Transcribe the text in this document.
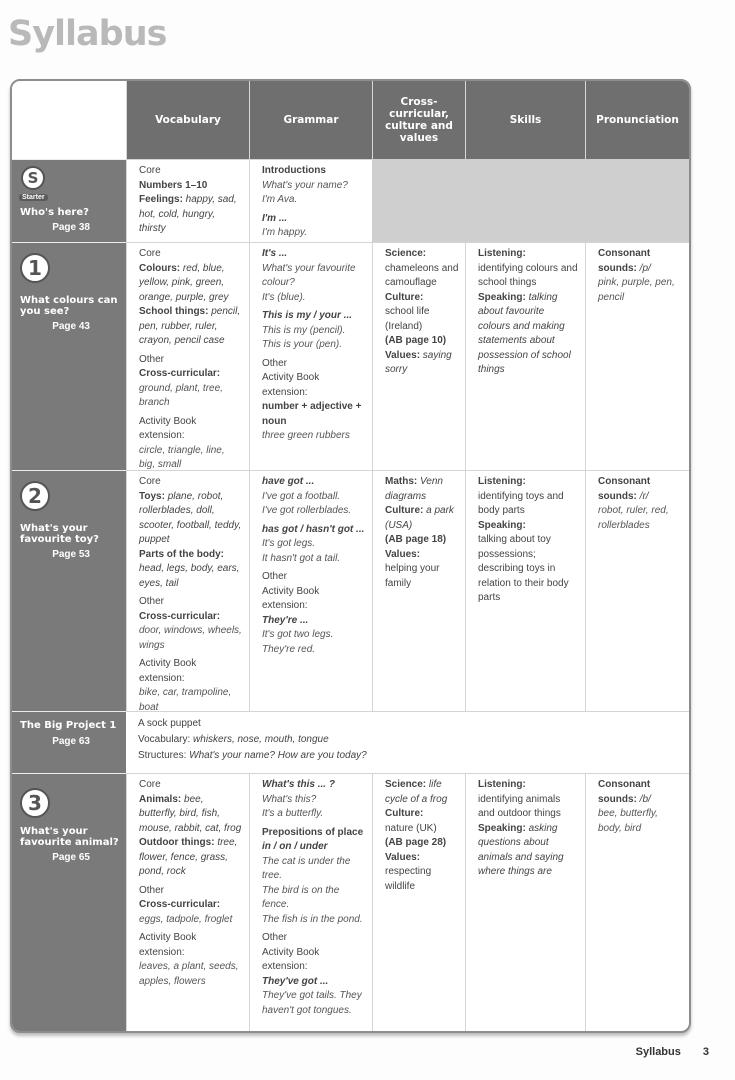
Syllabus
Vocabulary	Grammar
Cross-curricular, culture and values
Skills	Pronunciation
S
Starter
Who's here?
Page 38
Core
Numbers 1–10
Feelings: happy, sad, hot, cold, hungry, thirsty
Introductions
What's your name?
I'm Ava.
I'm ...
I'm happy.
1
What colours can you see?
Page 43
Core
Colours: red, blue, yellow, pink, green, orange, purple, grey
School things: pencil, pen, rubber, ruler, crayon, pencil case
Other
Cross-curricular:
ground, plant, tree, branch
Activity Book extension:
circle, triangle, line, big, small
It's ...
What's your favourite colour?
It's (blue).
This is my / your ...
This is my (pencil).
This is your (pen).
Other
Activity Book extension:
number + adjective + noun
three green rubbers
Science:
chameleons and camouflage
Culture:
school life (Ireland)
(AB page 10)
Values: saying sorry
Listening:
identifying colours and school things
Speaking: talking about favourite colours and making statements about possession of school things
Consonant sounds: /p/
pink, purple, pen, pencil
2
What's your favourite toy?
Page 53
Core
Toys: plane, robot, rollerblades, doll, scooter, football, teddy, puppet
Parts of the body: head, legs, body, ears, eyes, tail
Other
Cross-curricular:
door, windows, wheels, wings
Activity Book extension:
bike, car, trampoline, boat
have got ...
I've got a football.
I've got rollerblades.
has got / hasn't got ...
It's got legs.
It hasn't got a tail.
Other
Activity Book extension:
They're ...
It's got two legs.
They're red.
Maths: Venn diagrams
Culture: a park (USA)
(AB page 18)
Values:
helping your family
Listening:
identifying toys and body parts
Speaking:
talking about toy possessions; describing toys in relation to their body parts
Consonant sounds: /r/
robot, ruler, red, rollerblades
The Big Project 1
Page 63
A sock puppet
Vocabulary: whiskers, nose, mouth, tongue
Structures: What's your name? How are you today?
3
What's your favourite animal?
Page 65
Core
Animals: bee, butterfly, bird, fish, mouse, rabbit, cat, frog
Outdoor things: tree, flower, fence, grass, pond, rock
Other
Cross-curricular:
eggs, tadpole, froglet
Activity Book extension:
leaves, a plant, seeds, apples, flowers
What's this ... ?
What's this?
It's a butterfly.
Prepositions of place
in / on / under
The cat is under the tree.
The bird is on the fence.
The fish is in the pond.
Other
Activity Book extension:
They've got ...
They've got tails. They haven't got tongues.
Science: life cycle of a frog
Culture:
nature (UK)
(AB page 28)
Values:
respecting wildlife
Listening:
identifying animals and outdoor things
Speaking: asking questions about animals and saying where things are
Consonant sounds: /b/
bee, butterfly, body, bird
Syllabus 3
